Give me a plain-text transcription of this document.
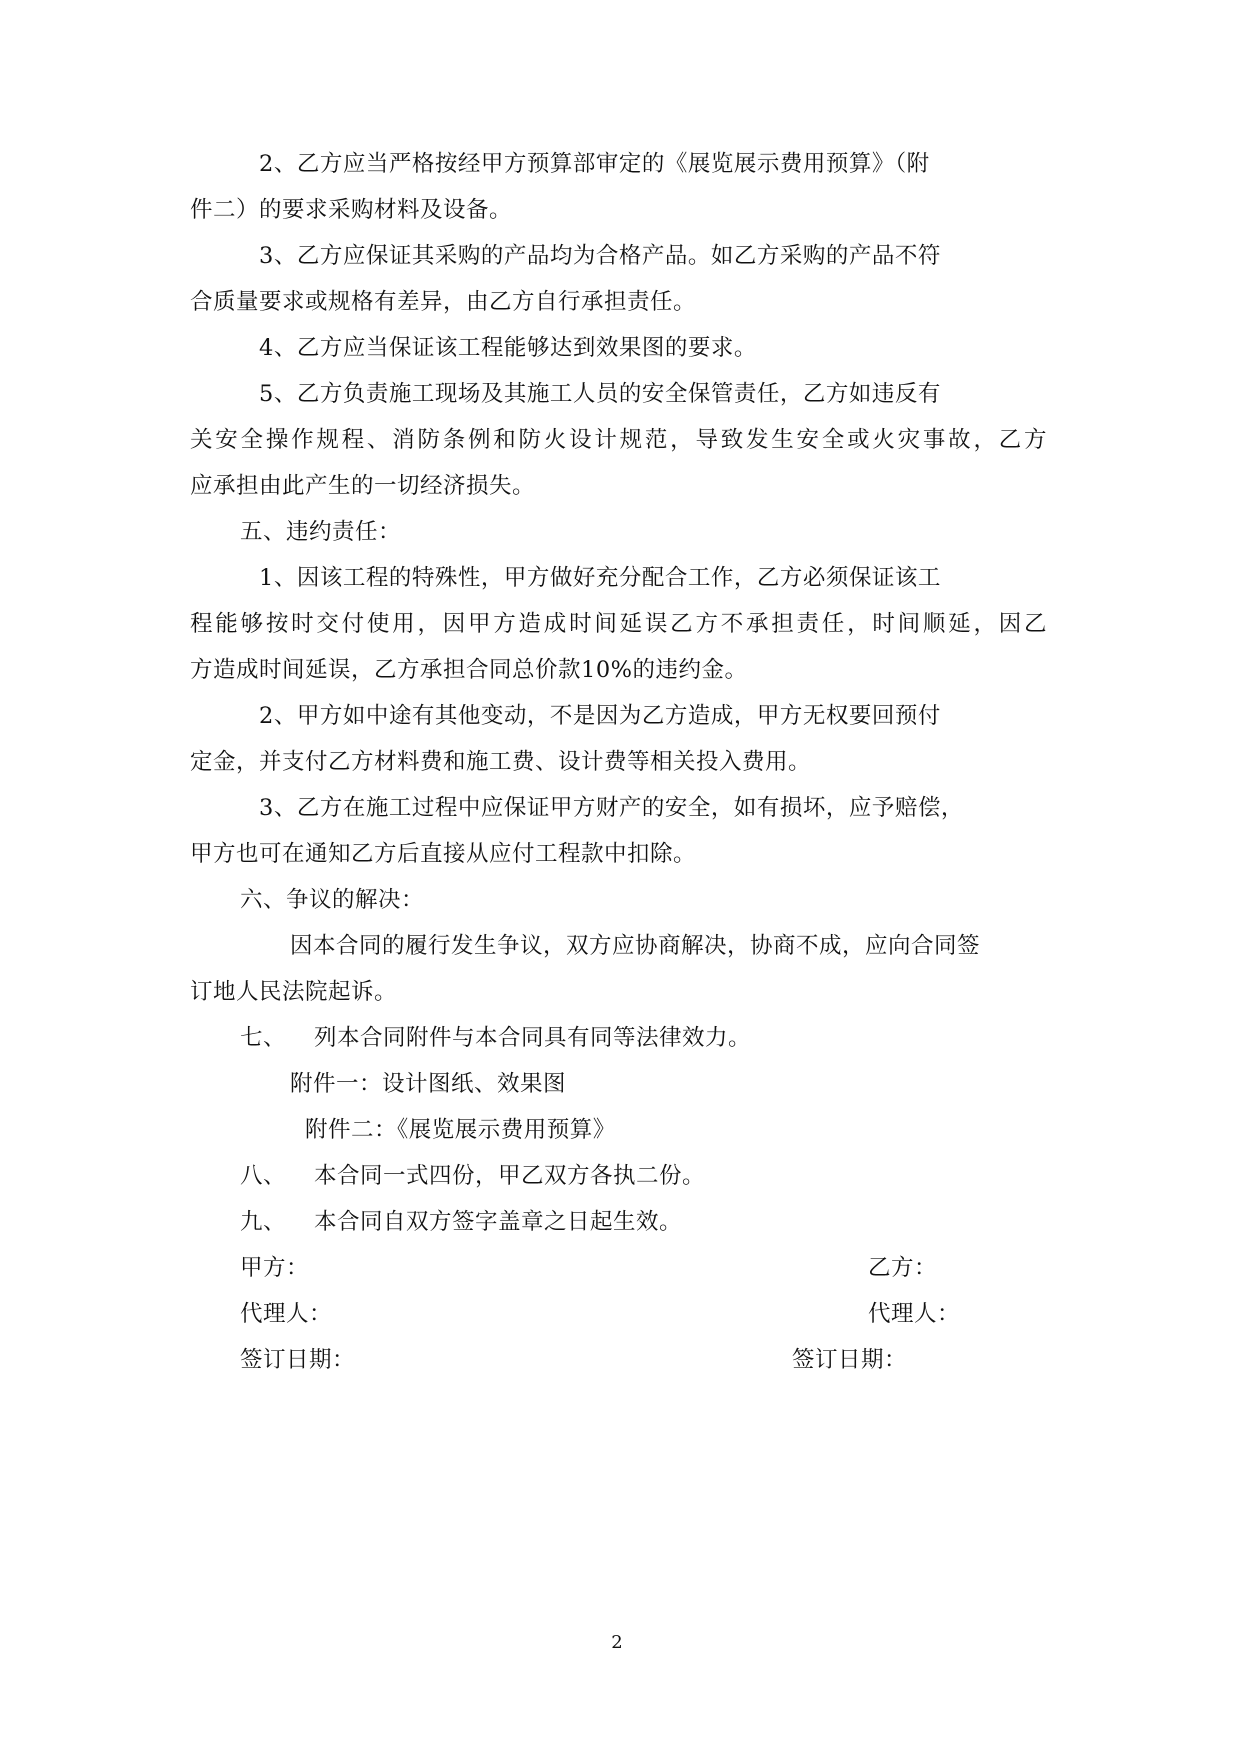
2、乙方应当严格按经甲方预算部审定的《展览展示费用预算》（附
件二）的要求采购材料及设备。
3、乙方应保证其采购的产品均为合格产品。如乙方采购的产品不符
合质量要求或规格有差异，由乙方自行承担责任。
4、乙方应当保证该工程能够达到效果图的要求。
5、乙方负责施工现场及其施工人员的安全保管责任，乙方如违反有
关安全操作规程、消防条例和防火设计规范，导致发生安全或火灾事故，乙方
应承担由此产生的一切经济损失。
五、违约责任：
1、因该工程的特殊性，甲方做好充分配合工作，乙方必须保证该工
程能够按时交付使用，因甲方造成时间延误乙方不承担责任，时间顺延，因乙
方造成时间延误，乙方承担合同总价款10%的违约金。
2、甲方如中途有其他变动，不是因为乙方造成，甲方无权要回预付
定金，并支付乙方材料费和施工费、设计费等相关投入费用。
3、乙方在施工过程中应保证甲方财产的安全，如有损坏，应予赔偿，
甲方也可在通知乙方后直接从应付工程款中扣除。
六、争议的解决：
因本合同的履行发生争议，双方应协商解决，协商不成，应向合同签
订地人民法院起诉。
七、 列本合同附件与本合同具有同等法律效力。
附件一：设计图纸、效果图
附件二：《展览展示费用预算》
八、 本合同一式四份，甲乙双方各执二份。
九、 本合同自双方签字盖章之日起生效。
甲方：	乙方：
代理人：	代理人：
签订日期：	签订日期：
2
